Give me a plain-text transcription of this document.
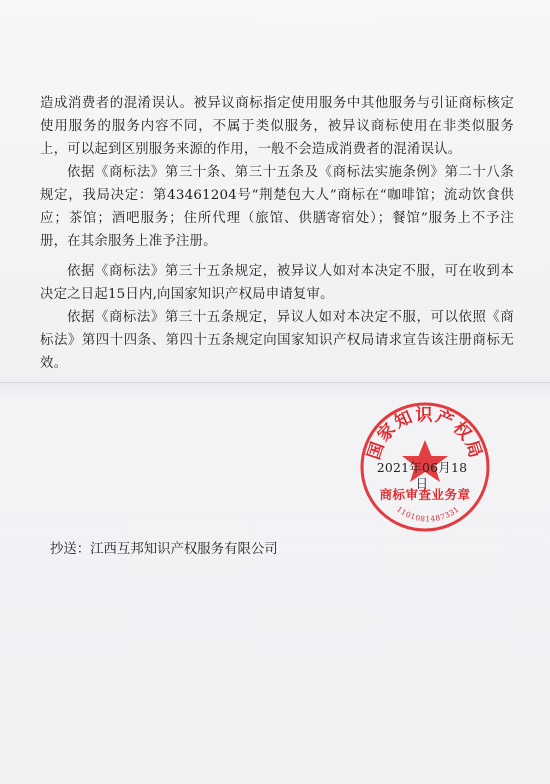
造成消费者的混淆误认。被异议商标指定使用服务中其他服务与引证商标核定使用服务的服务内容不同，不属于类似服务，被异议商标使用在非类似服务上，可以起到区别服务来源的作用，一般不会造成消费者的混淆误认。

依据《商标法》第三十条、第三十五条及《商标法实施条例》第二十八条规定，我局决定：第43461204号“荆楚包大人”商标在“咖啡馆；流动饮食供应；茶馆；酒吧服务；住所代理（旅馆、供膳寄宿处）；餐馆”服务上不予注册，在其余服务上准予注册。

依据《商标法》第三十五条规定，被异议人如对本决定不服，可在收到本决定之日起15日内,向国家知识产权局申请复审。

依据《商标法》第三十五条规定，异议人如对本决定不服，可以依照《商标法》第四十四条、第四十五条规定向国家知识产权局请求宣告该注册商标无效。

国家知识产权局
商标审查业务章
1101081487331
2021年06月18日

抄送：江西互邦知识产权服务有限公司
